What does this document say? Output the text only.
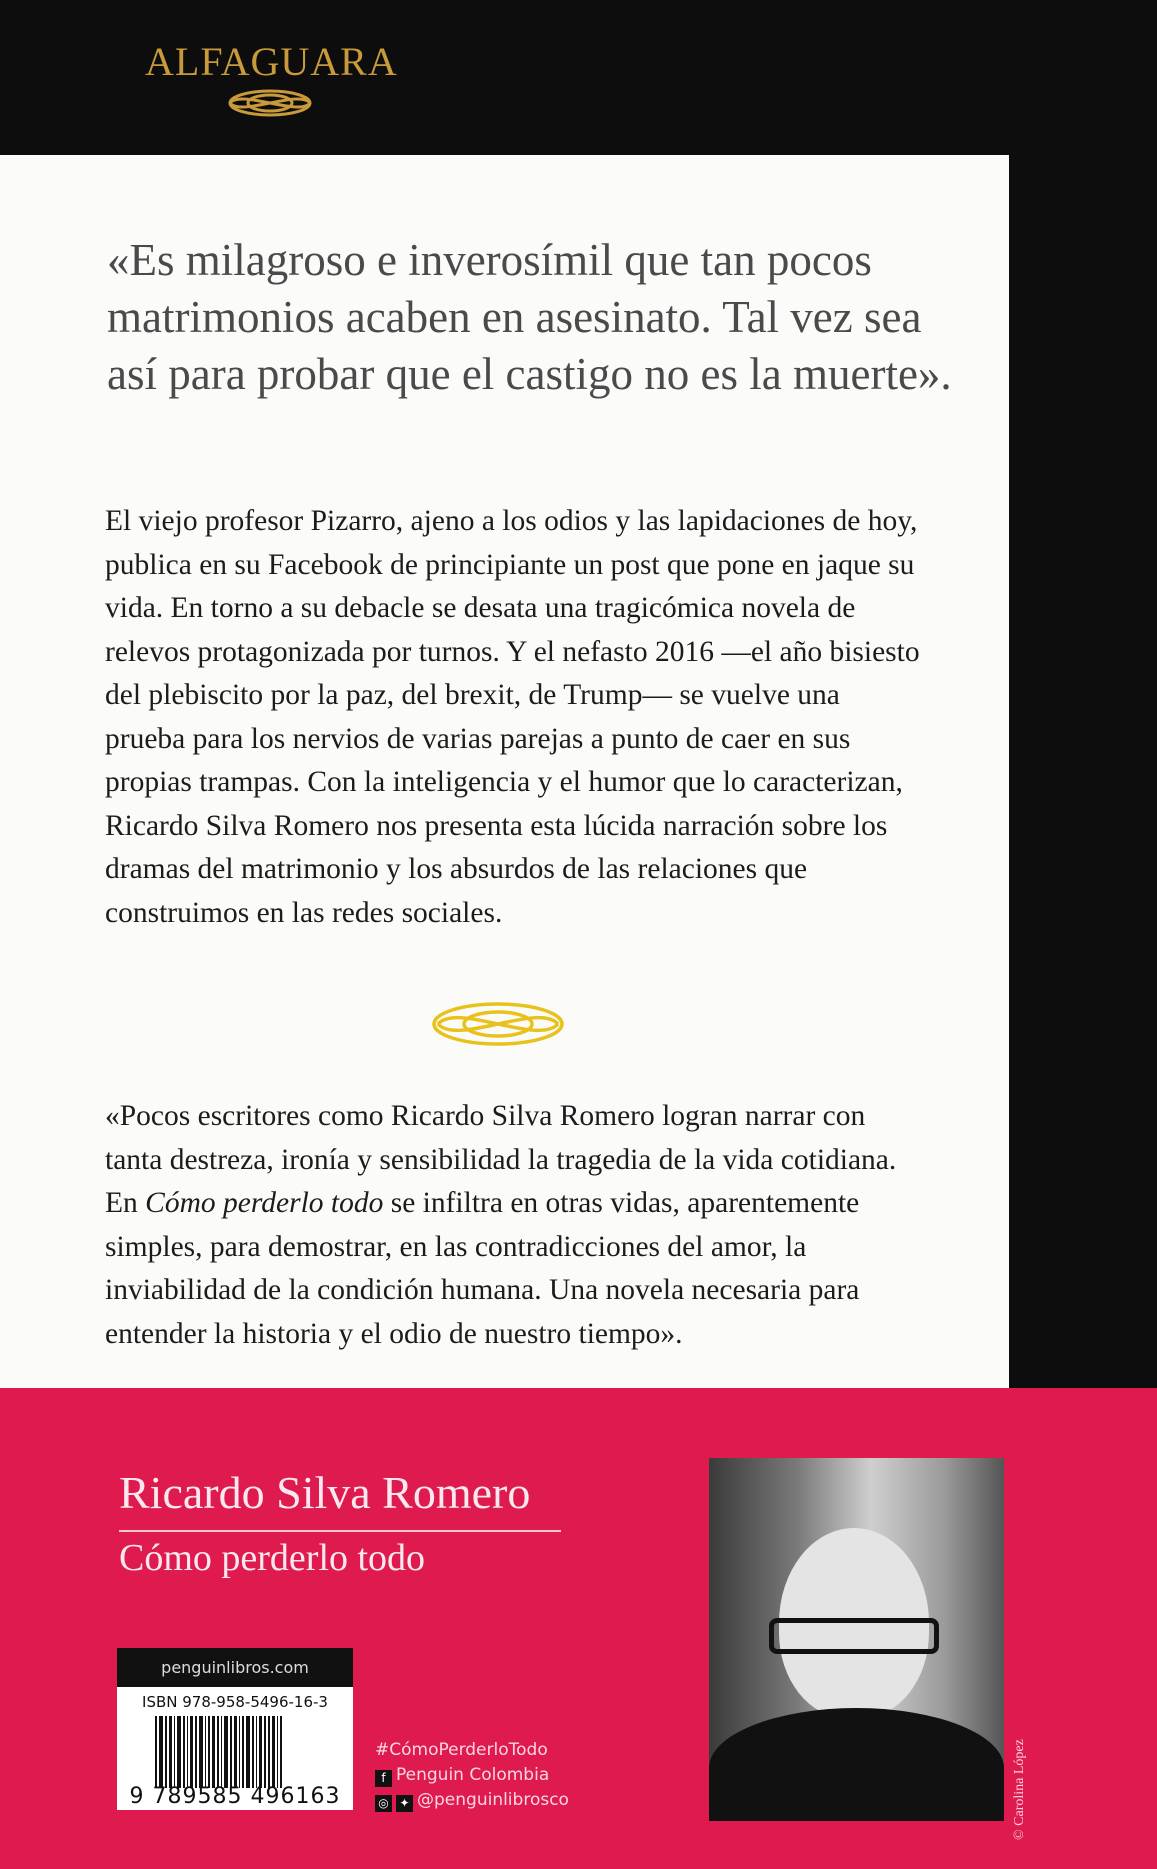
ALFAGUARA

«Es milagroso e inverosímil que tan pocos matrimonios acaben en asesinato. Tal vez sea así para probar que el castigo no es la muerte».

El viejo profesor Pizarro, ajeno a los odios y las lapidaciones de hoy, publica en su Facebook de principiante un post que pone en jaque su vida. En torno a su debacle se desata una tragicómica novela de relevos protagonizada por turnos. Y el nefasto 2016 —el año bisiesto del plebiscito por la paz, del brexit, de Trump— se vuelve una prueba para los nervios de varias parejas a punto de caer en sus propias trampas. Con la inteligencia y el humor que lo caracterizan, Ricardo Silva Romero nos presenta esta lúcida narración sobre los dramas del matrimonio y los absurdos de las relaciones que construimos en las redes sociales.

«Pocos escritores como Ricardo Silva Romero logran narrar con tanta destreza, ironía y sensibilidad la tragedia de la vida cotidiana. En Cómo perderlo todo se infiltra en otras vidas, aparentemente simples, para demostrar, en las contradicciones del amor, la inviabilidad de la condición humana. Una novela necesaria para entender la historia y el odio de nuestro tiempo».

Ricardo Silva Romero
Cómo perderlo todo
penguinlibros.com
ISBN 978-958-5496-16-3
9 789585 496163
#CómoPerderloTodo
f Penguin Colombia
◎ ✦ @penguinlibrosco	© Carolina López
